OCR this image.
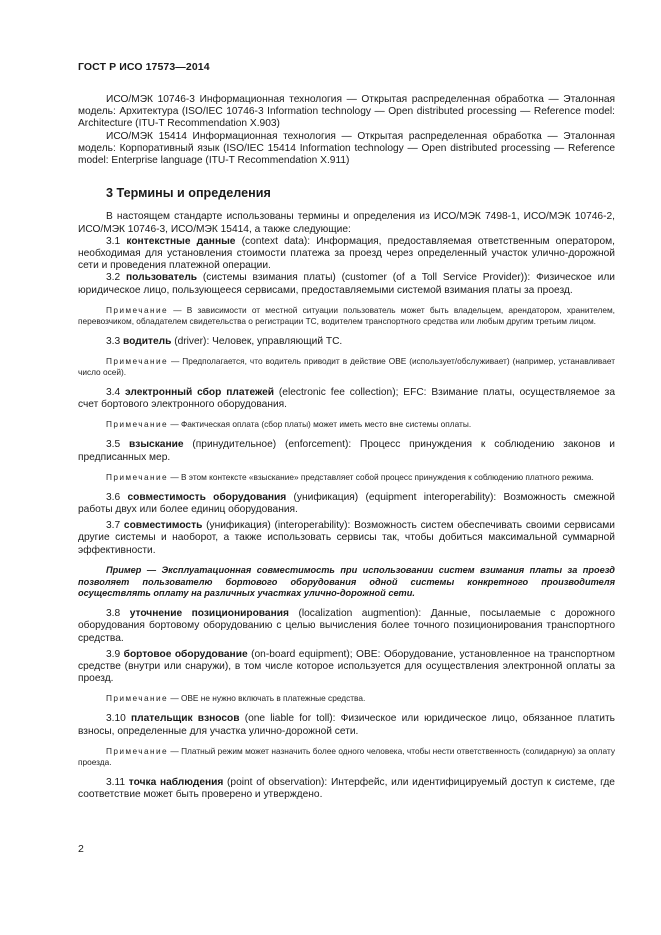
ГОСТ Р ИСО 17573—2014

ИСО/МЭК 10746-3 Информационная технология — Открытая распределенная обработка — Эталонная модель: Архитектура (ISO/IEC 10746-3 Information technology — Open distributed processing — Reference model: Architecture (ITU-T Recommendation X.903)

ИСО/МЭК 15414 Информационная технология — Открытая распределенная обработка — Эталонная модель: Корпоративный язык (ISO/IEC 15414 Information technology — Open distributed processing — Reference model: Enterprise language (ITU-T Recommendation X.911)

3 Термины и определения

В настоящем стандарте использованы термины и определения из ИСО/МЭК 7498-1, ИСО/МЭК 10746-2, ИСО/МЭК 10746-3, ИСО/МЭК 15414, а также следующие:

3.1 контекстные данные (context data): Информация, предоставляемая ответственным оператором, необходимая для установления стоимости платежа за проезд через определенный участок улично-дорожной сети и проведения платежной операции.

3.2 пользователь (системы взимания платы) (customer (of a Toll Service Provider)): Физическое или юридическое лицо, пользующееся сервисами, предоставляемыми системой взимания платы за проезд.

Примечание — В зависимости от местной ситуации пользователь может быть владельцем, арендатором, хранителем, перевозчиком, обладателем свидетельства о регистрации ТС, водителем транспортного средства или любым другим третьим лицом.

3.3 водитель (driver): Человек, управляющий ТС.

Примечание — Предполагается, что водитель приводит в действие OBE (использует/обслуживает) (например, устанавливает число осей).

3.4 электронный сбор платежей (electronic fee collection); EFC: Взимание платы, осуществляемое за счет бортового электронного оборудования.

Примечание — Фактическая оплата (сбор платы) может иметь место вне системы оплаты.

3.5 взыскание (принудительное) (enforcement): Процесс принуждения к соблюдению законов и предписанных мер.

Примечание — В этом контексте «взыскание» представляет собой процесс принуждения к соблюдению платного режима.

3.6 совместимость оборудования (унификация) (equipment interoperability): Возможность смежной работы двух или более единиц оборудования.

3.7 совместимость (унификация) (interoperability): Возможность систем обеспечивать своими сервисами другие системы и наоборот, а также использовать сервисы так, чтобы добиться максимальной суммарной эффективности.

Пример — Эксплуатационная совместимость при использовании систем взимания платы за проезд позволяет пользователю бортового оборудования одной системы конкретного производителя осуществлять оплату на различных участках улично-дорожной сети.

3.8 уточнение позиционирования (localization augmention): Данные, посылаемые с дорожного оборудования бортовому оборудованию с целью вычисления более точного позиционирования транспортного средства.

3.9 бортовое оборудование (on-board equipment); OBE: Оборудование, установленное на транспортном средстве (внутри или снаружи), в том числе которое используется для осуществления электронной оплаты за проезд.

Примечание — OBE не нужно включать в платежные средства.

3.10 плательщик взносов (one liable for toll): Физическое или юридическое лицо, обязанное платить взносы, определенные для участка улично-дорожной сети.

Примечание — Платный режим может назначить более одного человека, чтобы нести ответственность (солидарную) за оплату проезда.

3.11 точка наблюдения (point of observation): Интерфейс, или идентифицируемый доступ к системе, где соответствие может быть проверено и утверждено.

2
